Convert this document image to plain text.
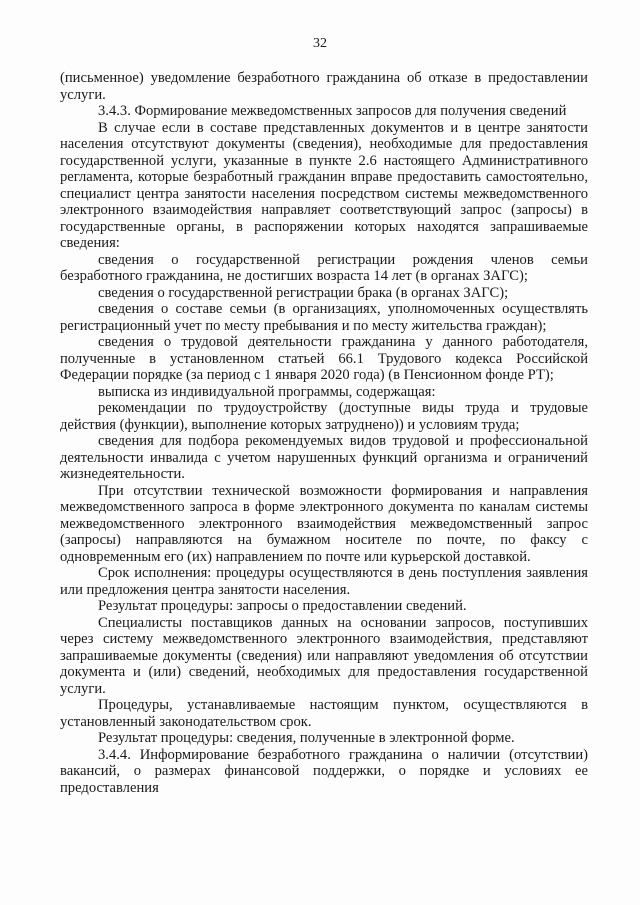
32

(письменное) уведомление безработного гражданина об отказе в предоставлении услуги.

3.4.3. Формирование межведомственных запросов для получения сведений

В случае если в составе представленных документов и в центре занятости населения отсутствуют документы (сведения), необходимые для предоставления государственной услуги, указанные в пункте 2.6 настоящего Административного регламента, которые безработный гражданин вправе предоставить самостоятельно, специалист центра занятости населения посредством системы межведомственного электронного взаимодействия направляет соответствующий запрос (запросы) в государственные органы, в распоряжении которых находятся запрашиваемые сведения:

сведения о государственной регистрации рождения членов семьи безработного гражданина, не достигших возраста 14 лет (в органах ЗАГС);

сведения о государственной регистрации брака (в органах ЗАГС);

сведения о составе семьи (в организациях, уполномоченных осуществлять регистрационный учет по месту пребывания и по месту жительства граждан);

сведения о трудовой деятельности гражданина у данного работодателя, полученные в установленном статьей 66.1 Трудового кодекса Российской Федерации порядке (за период с 1 января 2020 года) (в Пенсионном фонде РТ);

выписка из индивидуальной программы, содержащая:

рекомендации по трудоустройству (доступные виды труда и трудовые действия (функции), выполнение которых затруднено)) и условиям труда;

сведения для подбора рекомендуемых видов трудовой и профессиональной деятельности инвалида с учетом нарушенных функций организма и ограничений жизнедеятельности.

При отсутствии технической возможности формирования и направления межведомственного запроса в форме электронного документа по каналам системы межведомственного электронного взаимодействия межведомственный запрос (запросы) направляются на бумажном носителе по почте, по факсу с одновременным его (их) направлением по почте или курьерской доставкой.

Срок исполнения: процедуры осуществляются в день поступления заявления или предложения центра занятости населения.

Результат процедуры: запросы о предоставлении сведений.

Специалисты поставщиков данных на основании запросов, поступивших через систему межведомственного электронного взаимодействия, представляют запрашиваемые документы (сведения) или направляют уведомления об отсутствии документа и (или) сведений, необходимых для предоставления государственной услуги.

Процедуры, устанавливаемые настоящим пунктом, осуществляются в установленный законодательством срок.

Результат процедуры: сведения, полученные в электронной форме.

3.4.4. Информирование безработного гражданина о наличии (отсутствии) вакансий, о размерах финансовой поддержки, о порядке и условиях ее предоставления
